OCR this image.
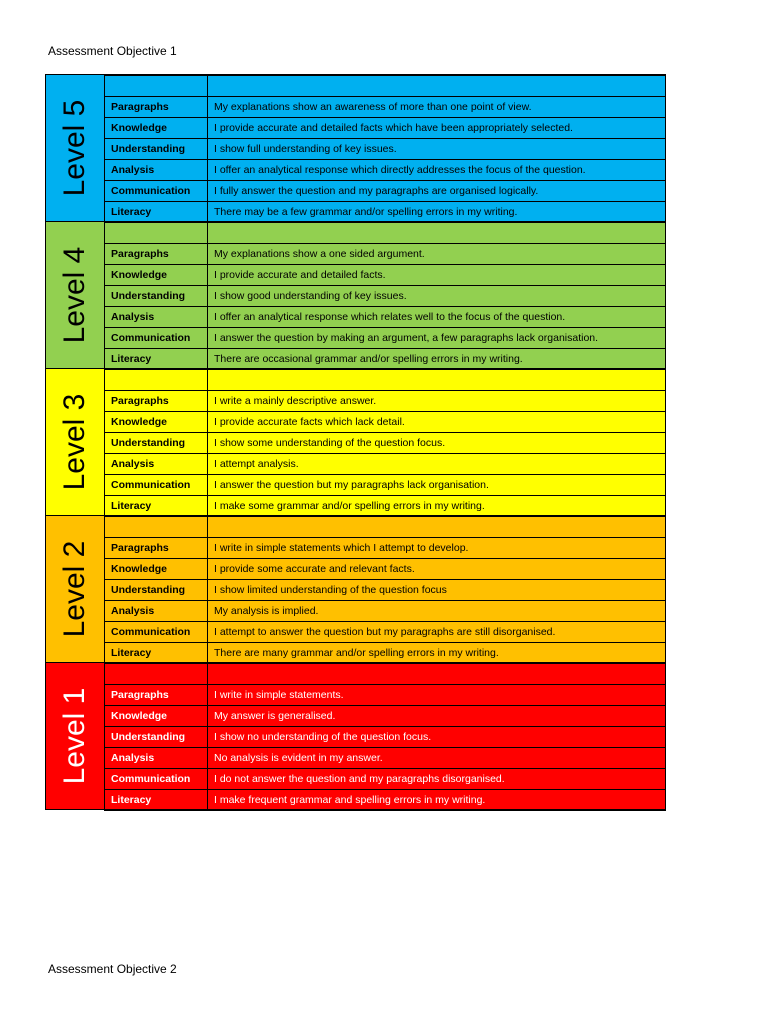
Assessment Objective 1
Level 5 Paragraphs	My explanations show an awareness of more than one point of view.
Knowledge	I provide accurate and detailed facts which have been appropriately selected.
Understanding	I show full understanding of key issues.
Analysis	I offer an analytical response which directly addresses the focus of the question.
Communication I fully answer the question and my paragraphs are organised logically.
Literacy	There may be a few grammar and/or spelling errors in my writing.
Level 4 Paragraphs	My explanations show a one sided argument.
Knowledge	I provide accurate and detailed facts.
Understanding	I show good understanding of key issues.
Analysis	I offer an analytical response which relates well to the focus of the question.
Communication I answer the question by making an argument, a few paragraphs lack organisation.
Literacy	There are occasional grammar and/or spelling errors in my writing.
Level 3 Paragraphs	I write a mainly descriptive answer.
Knowledge	I provide accurate facts which lack detail.
Understanding	I show some understanding of the question focus.
Analysis	I attempt analysis.
Communication I answer the question but my paragraphs lack organisation.
Literacy	I make some grammar and/or spelling errors in my writing.
Level 2 Paragraphs	I write in simple statements which I attempt to develop.
Knowledge	I provide some accurate and relevant facts.
Understanding	I show limited understanding of the question focus
Analysis	My analysis is implied.
Communication I attempt to answer the question but my paragraphs are still disorganised.
Literacy	There are many grammar and/or spelling errors in my writing.
Level 1 Paragraphs	I write in simple statements.
Knowledge	My answer is generalised.
Understanding	I show no understanding of the question focus.
Analysis	No analysis is evident in my answer.
Communication I do not answer the question and my paragraphs disorganised.
Literacy	I make frequent grammar and spelling errors in my writing.
Assessment Objective 2
